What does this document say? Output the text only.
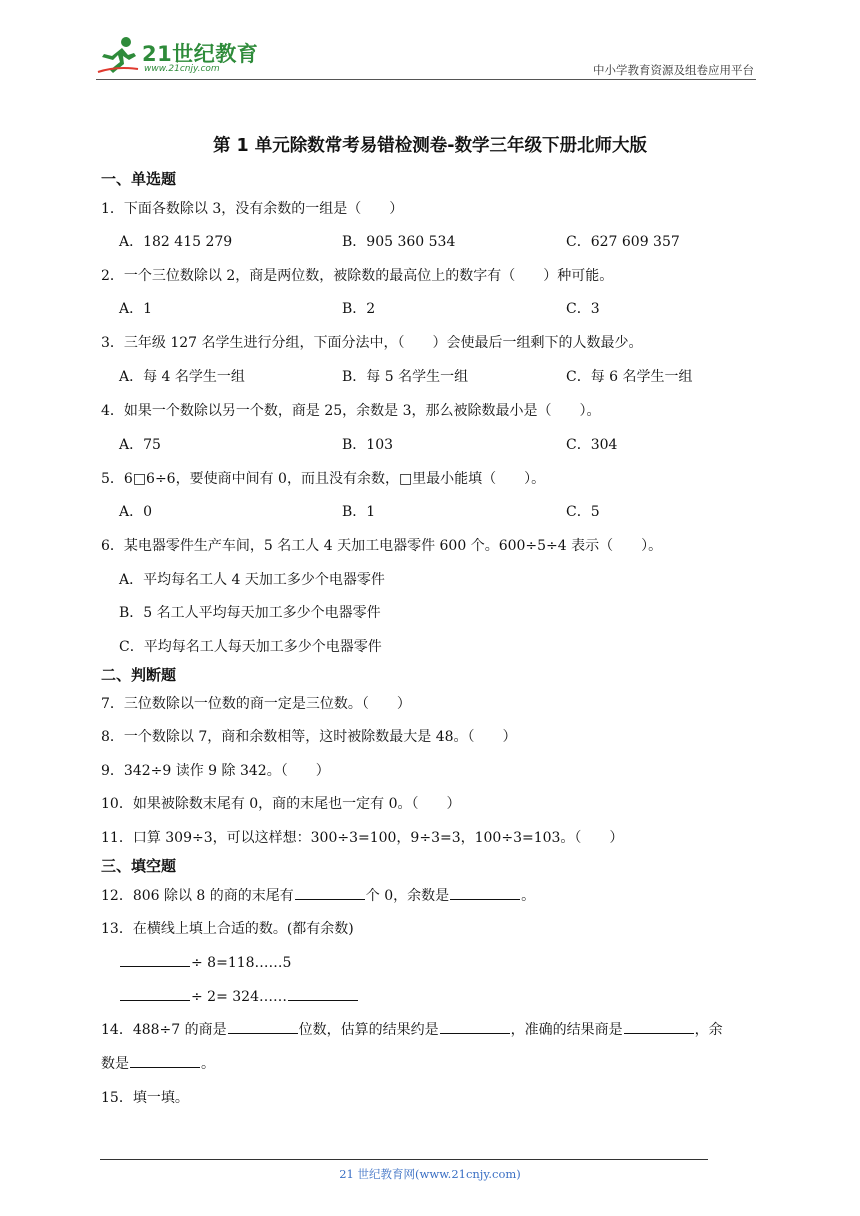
21世纪教育
www.21cnjy.com	中小学教育资源及组卷应用平台
第 1 单元除数常考易错检测卷-数学三年级下册北师大版
一、单选题
1．下面各数除以 3，没有余数的一组是（　　）
A．182 415 279	B．905 360 534	C．627 609 357
2．一个三位数除以 2，商是两位数，被除数的最高位上的数字有（　　）种可能。
A．1	B．2	C．3
3．三年级 127 名学生进行分组，下面分法中，（　　）会使最后一组剩下的人数最少。
A．每 4 名学生一组	B．每 5 名学生一组	C．每 6 名学生一组
4．如果一个数除以另一个数，商是 25，余数是 3，那么被除数最小是（　　）。
A．75	B．103	C．304
5．6□6÷6，要使商中间有 0，而且没有余数，□里最小能填（　　）。
A．0	B．1	C．5
6．某电器零件生产车间，5 名工人 4 天加工电器零件 600 个。600÷5÷4 表示（　　）。
A．平均每名工人 4 天加工多少个电器零件
B．5 名工人平均每天加工多少个电器零件
C．平均每名工人每天加工多少个电器零件
二、判断题
7．三位数除以一位数的商一定是三位数。（　　）
8．一个数除以 7，商和余数相等，这时被除数最大是 48。（　　）
9．342÷9 读作 9 除 342。（　　）
10．如果被除数末尾有 0，商的末尾也一定有 0。（　　）
11．口算 309÷3，可以这样想：300÷3=100，9÷3=3，100÷3=103。（　　）
三、填空题
12．806 除以 8 的商的末尾有	个 0，余数是	。
13．在横线上填上合适的数。(都有余数)
÷ 8=118……5
÷ 2= 324……
14．488÷7 的商是	位数，估算的结果约是	，准确的结果商是	，余
数是	。
15．填一填。
21 世纪教育网(www.21cnjy.com)
